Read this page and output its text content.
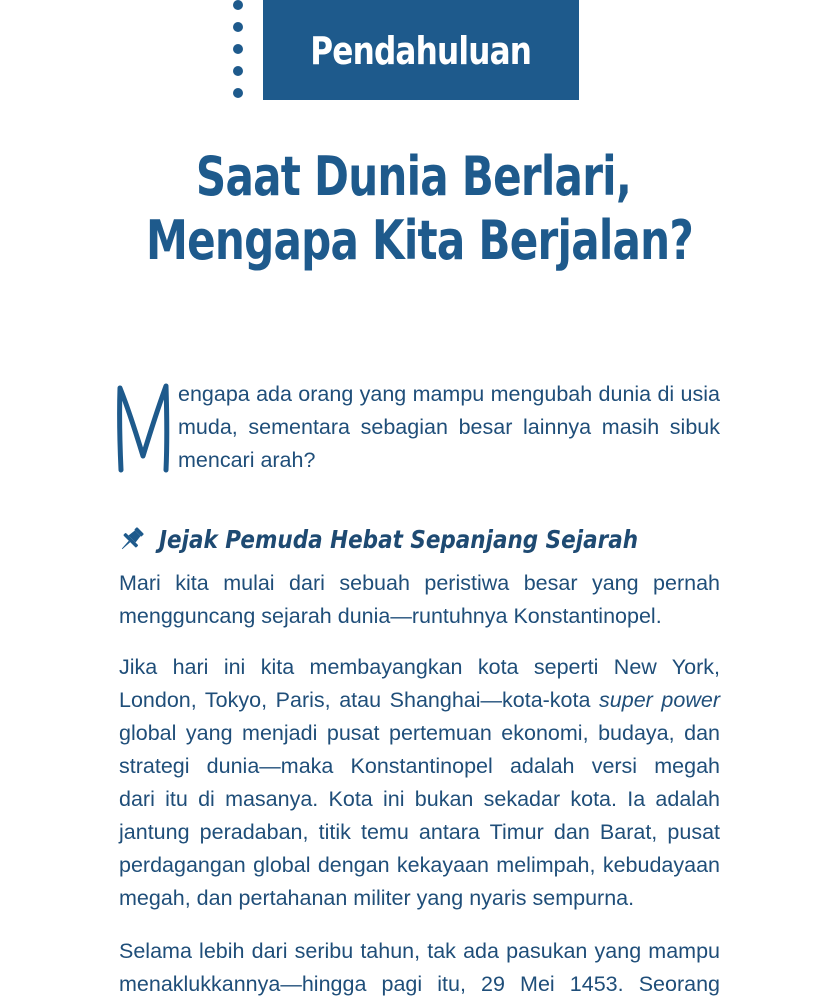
Pendahuluan
Saat Dunia Berlari,
Mengapa Kita Berjalan?
engapa ada orang yang mampu mengubah dunia di usia
muda, sementara sebagian besar lainnya masih sibuk
mencari arah?
Jejak Pemuda Hebat Sepanjang Sejarah
Mari kita mulai dari sebuah peristiwa besar yang pernah
mengguncang sejarah dunia—runtuhnya Konstantinopel.
Jika hari ini kita membayangkan kota seperti New York,
London, Tokyo, Paris, atau Shanghai—kota-kota super power
global yang menjadi pusat pertemuan ekonomi, budaya, dan
strategi dunia—maka Konstantinopel adalah versi megah
dari itu di masanya. Kota ini bukan sekadar kota. Ia adalah
jantung peradaban, titik temu antara Timur dan Barat, pusat
perdagangan global dengan kekayaan melimpah, kebudayaan
megah, dan pertahanan militer yang nyaris sempurna.
Selama lebih dari seribu tahun, tak ada pasukan yang mampu
menaklukkannya—hingga pagi itu, 29 Mei 1453. Seorang
